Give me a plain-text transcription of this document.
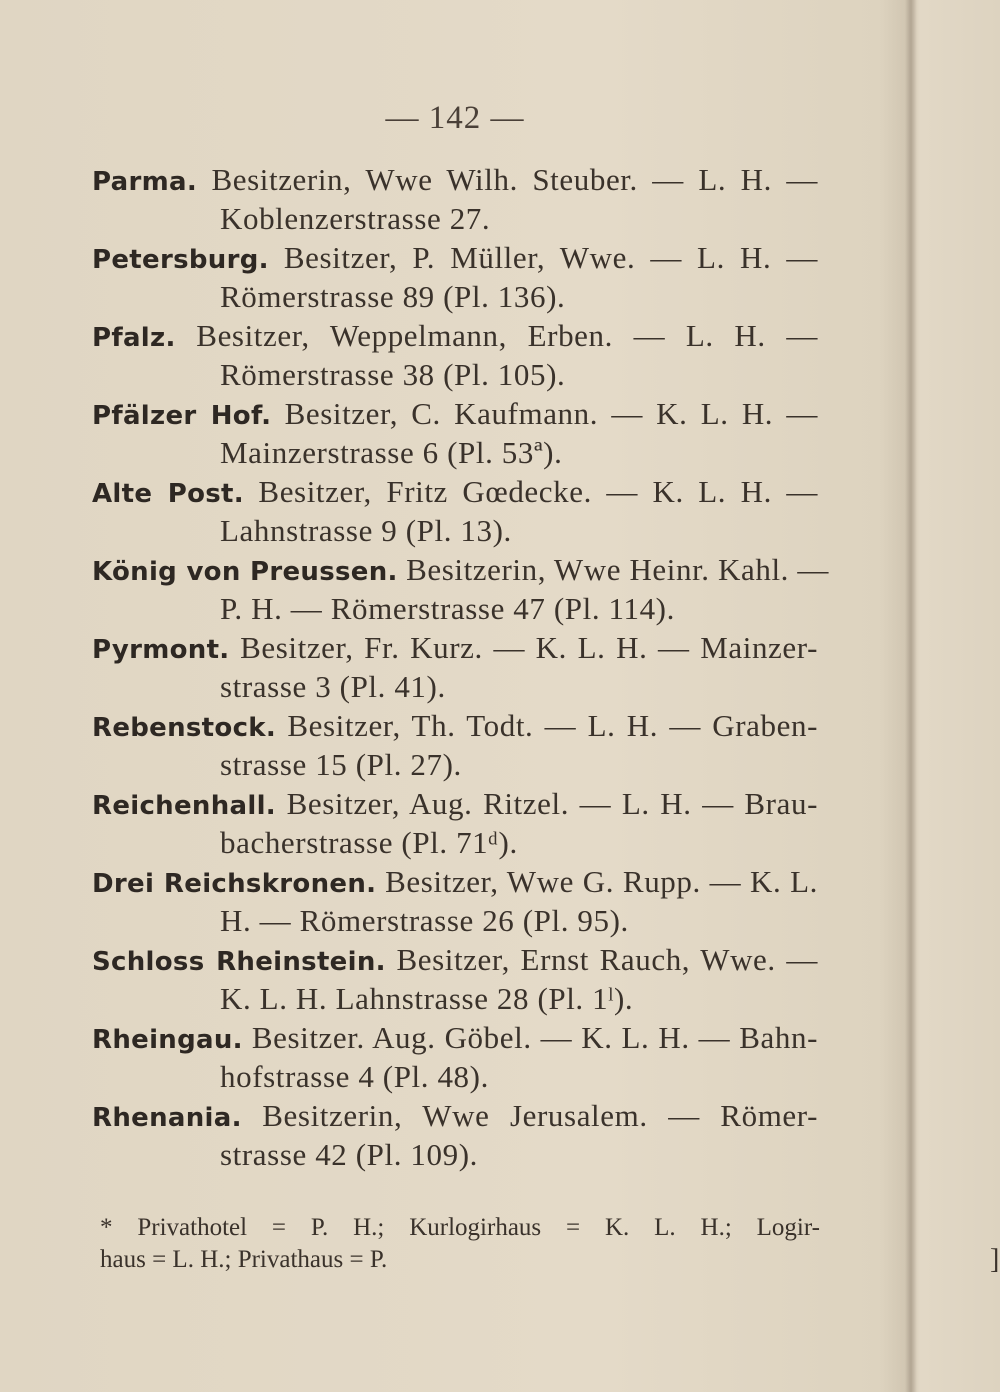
— 142 —
Parma. Besitzerin, Wwe Wilh. Steuber. — L. H. —
Koblenzerstrasse 27.
Petersburg. Besitzer, P. Müller, Wwe. — L. H. —
Römerstrasse 89 (Pl. 136).
Pfalz. Besitzer, Weppelmann, Erben. — L. H. —
Römerstrasse 38 (Pl. 105).
Pfälzer Hof. Besitzer, C. Kaufmann. — K. L. H. —
Mainzerstrasse 6 (Pl. 53ª).
Alte Post. Besitzer, Fritz Gœdecke. — K. L. H. —
Lahnstrasse 9 (Pl. 13).
König von Preussen. Besitzerin, Wwe Heinr. Kahl. —
P. H. — Römerstrasse 47 (Pl. 114).
Pyrmont. Besitzer, Fr. Kurz. — K. L. H. — Mainzer-
strasse 3 (Pl. 41).
Rebenstock. Besitzer, Th. Todt. — L. H. — Graben-
strasse 15 (Pl. 27).
Reichenhall. Besitzer, Aug. Ritzel. — L. H. — Brau-
bacherstrasse (Pl. 71ᵈ).
Drei Reichskronen. Besitzer, Wwe G. Rupp. — K. L.
H. — Römerstrasse 26 (Pl. 95).
Schloss Rheinstein. Besitzer, Ernst Rauch, Wwe. —
K. L. H. Lahnstrasse 28 (Pl. 1ˡ).
Rheingau. Besitzer. Aug. Göbel. — K. L. H. — Bahn-
hofstrasse 4 (Pl. 48).
Rhenania. Besitzerin, Wwe Jerusalem. — Römer-
strasse 42 (Pl. 109).
* Privathotel = P. H.; Kurlogirhaus = K. L. H.; Logir-
haus = L. H.; Privathaus = P.	]
